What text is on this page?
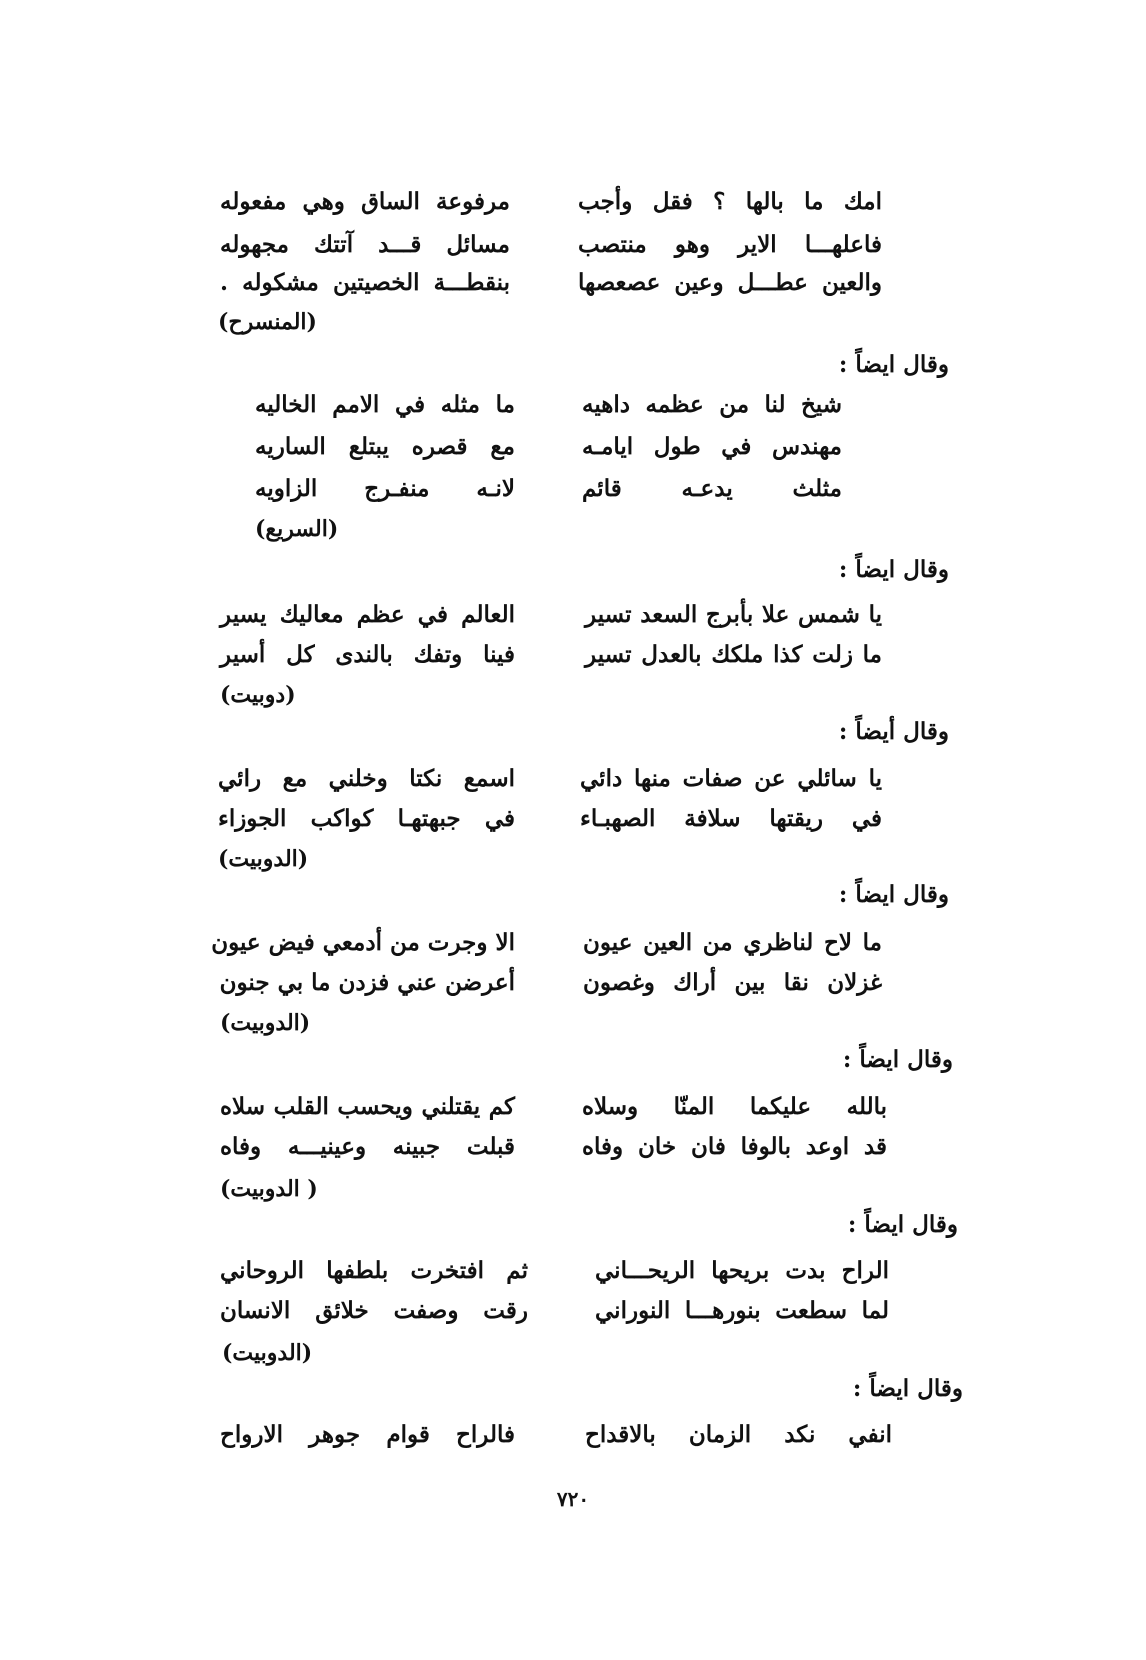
امك ما بالها ؟ فقل وأجب
مرفوعة الساق وهي مفعوله
فاعلهـــا الاير وهو منتصب
مسائل قـــد آتتك مجهوله
والعين عطـــل وعين عصعصها
بنقطـــة الخصيتين مشكوله .
(المنسرح)
وقال ايضاً :
شيخ لنا من عظمه داهيه
ما مثله في الامم الخاليه
مهندس في طول ايامـه
مع قصره يبتلع الساريه
مثلث يدعـه قائم
لانـه منفـرج الزاويه
(السريع)
وقال ايضاً :
يا شمس علا بأبرج السعد تسير
العالم في عظم معاليك يسير
ما زلت كذا ملكك بالعدل تسير
فينا وتفك بالندى كل أسير
(دوبيت)
وقال أيضاً :
يا سائلي عن صفات منها دائي
اسمع نكتا وخلني مع رائي
في ريقتها سلافة الصهبـاء
في جبهتهـا كواكب الجوزاء
(الدوبيت)
وقال ايضاً :
ما لاح لناظري من العين عيون
الا وجرت من أدمعي فيض عيون
غزلان نقا بين أراك وغصون
أعرضن عني فزدن ما بي جنون
(الدوبيت)
وقال ايضاً :
بالله عليكما المنّا وسلاه
كم يقتلني ويحسب القلب سلاه
قد اوعد بالوفا فان خان وفاه
قبلت جبينه وعينيـــه وفاه
( الدوبيت)
وقال ايضاً :
الراح بدت بريحها الريحـــاني
ثم افتخرت بلطفها الروحاني
لما سطعت بنورهـــا النوراني
رقت وصفت خلائق الانسان
(الدوبيت)
وقال ايضاً :
انفي نكد الزمان بالاقداح
فالراح قوام جوهر الارواح
٧٢٠
